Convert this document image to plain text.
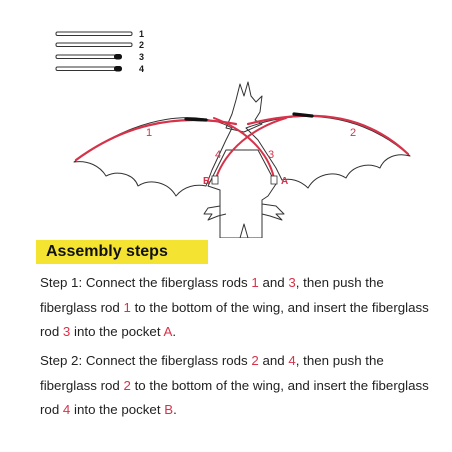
1
2
3
4
B	A
1	2
3
4
Assembly steps

Step 1: Connect the fiberglass rods 1 and 3, then push the fiberglass rod 1 to the bottom of the wing, and insert the fiberglass rod 3 into the pocket A.

Step 2: Connect the fiberglass rods 2 and 4, then push the fiberglass rod 2 to the bottom of the wing, and insert the fiberglass rod 4 into the pocket B.
